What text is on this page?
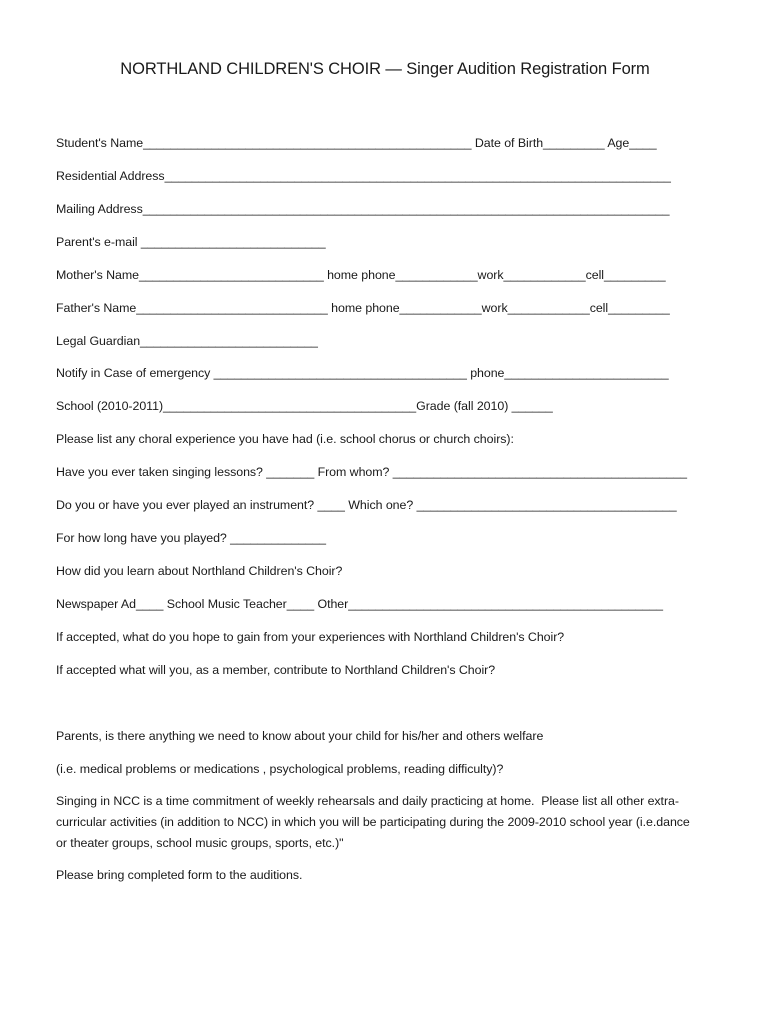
NORTHLAND CHILDREN'S CHOIR — Singer Audition Registration Form
Student's Name________________________________________________ Date of Birth_________ Age____
Residential Address__________________________________________________________________________
Mailing Address_____________________________________________________________________________
Parent's e-mail ___________________________
Mother's Name___________________________ home phone____________work____________cell_________
Father's Name____________________________ home phone____________work____________cell_________
Legal Guardian__________________________
Notify in Case of emergency _____________________________________ phone________________________
School (2010-2011)_____________________________________Grade (fall 2010) ______
Please list any choral experience you have had (i.e. school chorus or church choirs):
Have you ever taken singing lessons? _______ From whom? ___________________________________________
Do you or have you ever played an instrument? ____ Which one? ______________________________________
For how long have you played? ______________
How did you learn about Northland Children's Choir?
Newspaper Ad____ School Music Teacher____ Other______________________________________________
If accepted, what do you hope to gain from your experiences with Northland Children's Choir?
If accepted what will you, as a member, contribute to Northland Children's Choir?
Parents, is there anything we need to know about your child for his/her and others welfare
(i.e. medical problems or medications , psychological problems, reading difficulty)?
Singing in NCC is a time commitment of weekly rehearsals and daily practicing at home.  Please list all other extra-
curricular activities (in addition to NCC) in which you will be participating during the 2009-2010 school year (i.e.dance
or theater groups, school music groups, sports, etc.)"
Please bring completed form to the auditions.
